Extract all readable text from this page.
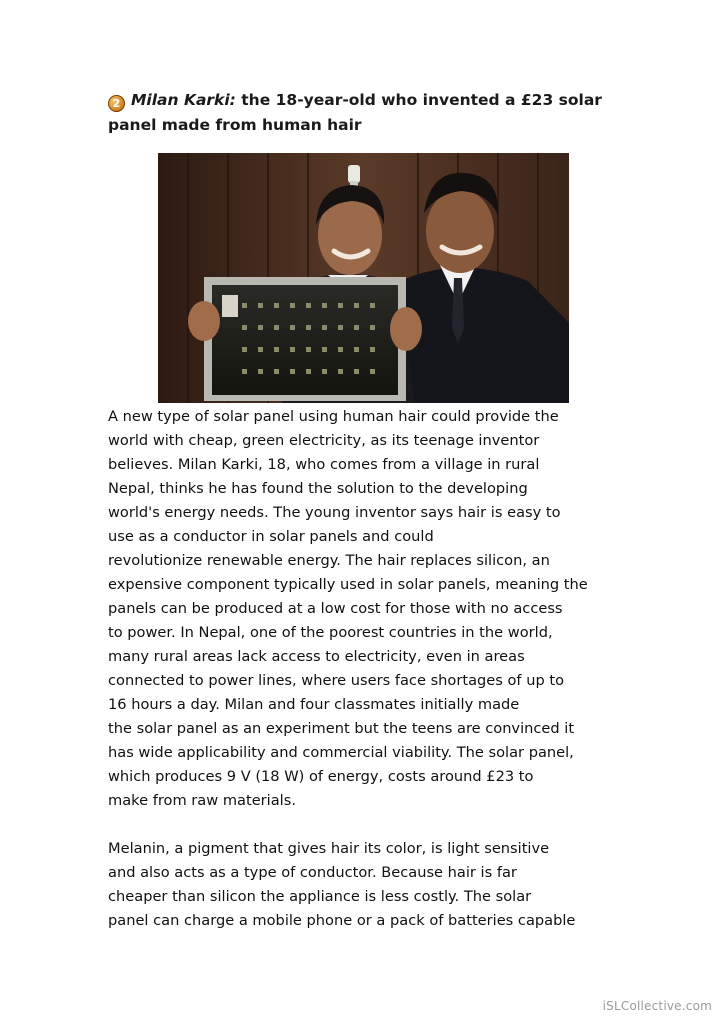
2 Milan Karki: the 18-year-old who invented a £23 solar
panel made from human hair

A new type of solar panel using human hair could provide the
world with cheap, green electricity, as its teenage inventor
believes. Milan Karki, 18, who comes from a village in rural
Nepal, thinks he has found the solution to the developing
world's energy needs. The young inventor says hair is easy to
use as a conductor in solar panels and could
revolutionize renewable energy. The hair replaces silicon, an
expensive component typically used in solar panels, meaning the
panels can be produced at a low cost for those with no access
to power. In Nepal, one of the poorest countries in the world,
many rural areas lack access to electricity, even in areas
connected to power lines, where users face shortages of up to
16 hours a day. Milan and four classmates initially made
the solar panel as an experiment but the teens are convinced it
has wide applicability and commercial viability. The solar panel,
which produces 9 V (18 W) of energy, costs around £23 to
make from raw materials.

Melanin, a pigment that gives hair its color, is light sensitive
and also acts as a type of conductor. Because hair is far
cheaper than silicon the appliance is less costly. The solar
panel can charge a mobile phone or a pack of batteries capable

iSLCollective.com
